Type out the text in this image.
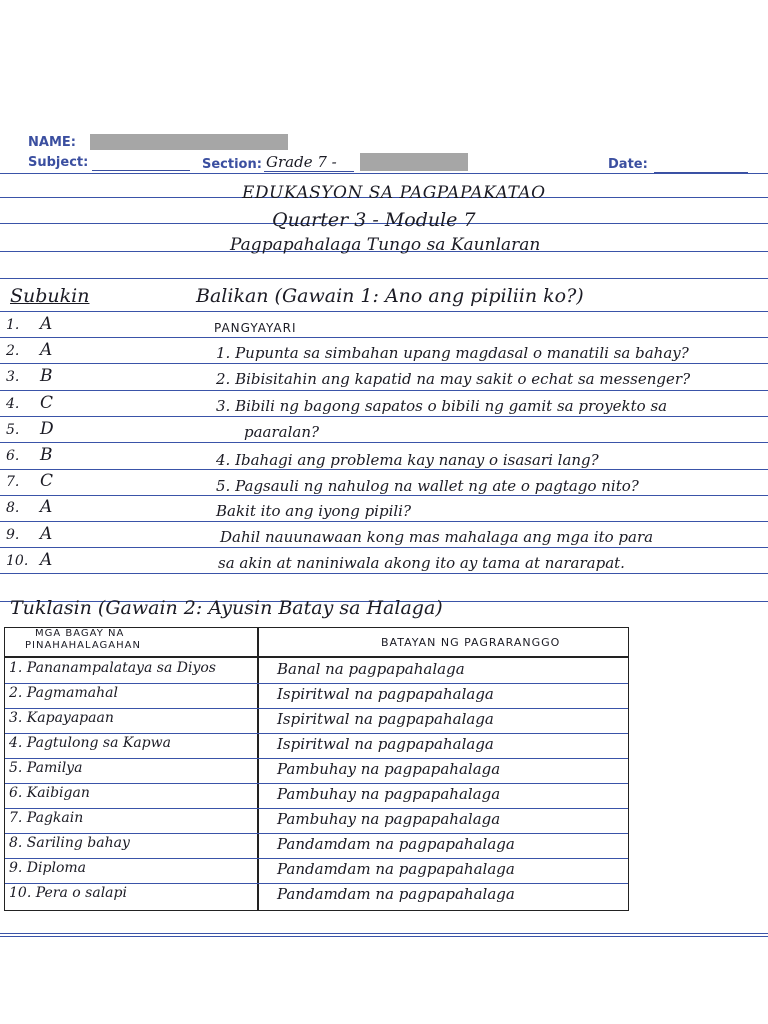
NAME:
Subject:	Section: Grade 7 -	Date:
EDUKASYON SA PAGPAPAKATAO
Quarter 3 - Module 7
Pagpapahalaga Tungo sa Kaunlaran
Subukin
1. A
2. A
3. B
4. C
5. D
6. B
7. C
8. A
9. A
10. A
Balikan (Gawain 1: Ano ang pipiliin ko?)
PANGYAYARI
1. Pupunta sa simbahan upang magdasal o manatili sa bahay?
2. Bibisitahin ang kapatid na may sakit o echat sa messenger?
3. Bibili ng bagong sapatos o bibili ng gamit sa proyekto sa
paaralan?
4. Ibahagi ang problema kay nanay o isasari lang?
5. Pagsauli ng nahulog na wallet ng ate o pagtago nito?
Bakit ito ang iyong pipili?
Dahil nauunawaan kong mas mahalaga ang mga ito para
sa akin at naniniwala akong ito ay tama at nararapat.
Tuklasin (Gawain 2: Ayusin Batay sa Halaga)
MGA BAGAY NA
PINAHAHALAGAHAN	BATAYAN NG PAGRARANGGO
1. Pananampalataya sa Diyos	Banal na pagpapahalaga
2. Pagmamahal	Ispiritwal na pagpapahalaga
3. Kapayapaan	Ispiritwal na pagpapahalaga
4. Pagtulong sa Kapwa	Ispiritwal na pagpapahalaga
5. Pamilya	Pambuhay na pagpapahalaga
6. Kaibigan	Pambuhay na pagpapahalaga
7. Pagkain	Pambuhay na pagpapahalaga
8. Sariling bahay	Pandamdam na pagpapahalaga
9. Diploma	Pandamdam na pagpapahalaga
10. Pera o salapi	Pandamdam na pagpapahalaga
